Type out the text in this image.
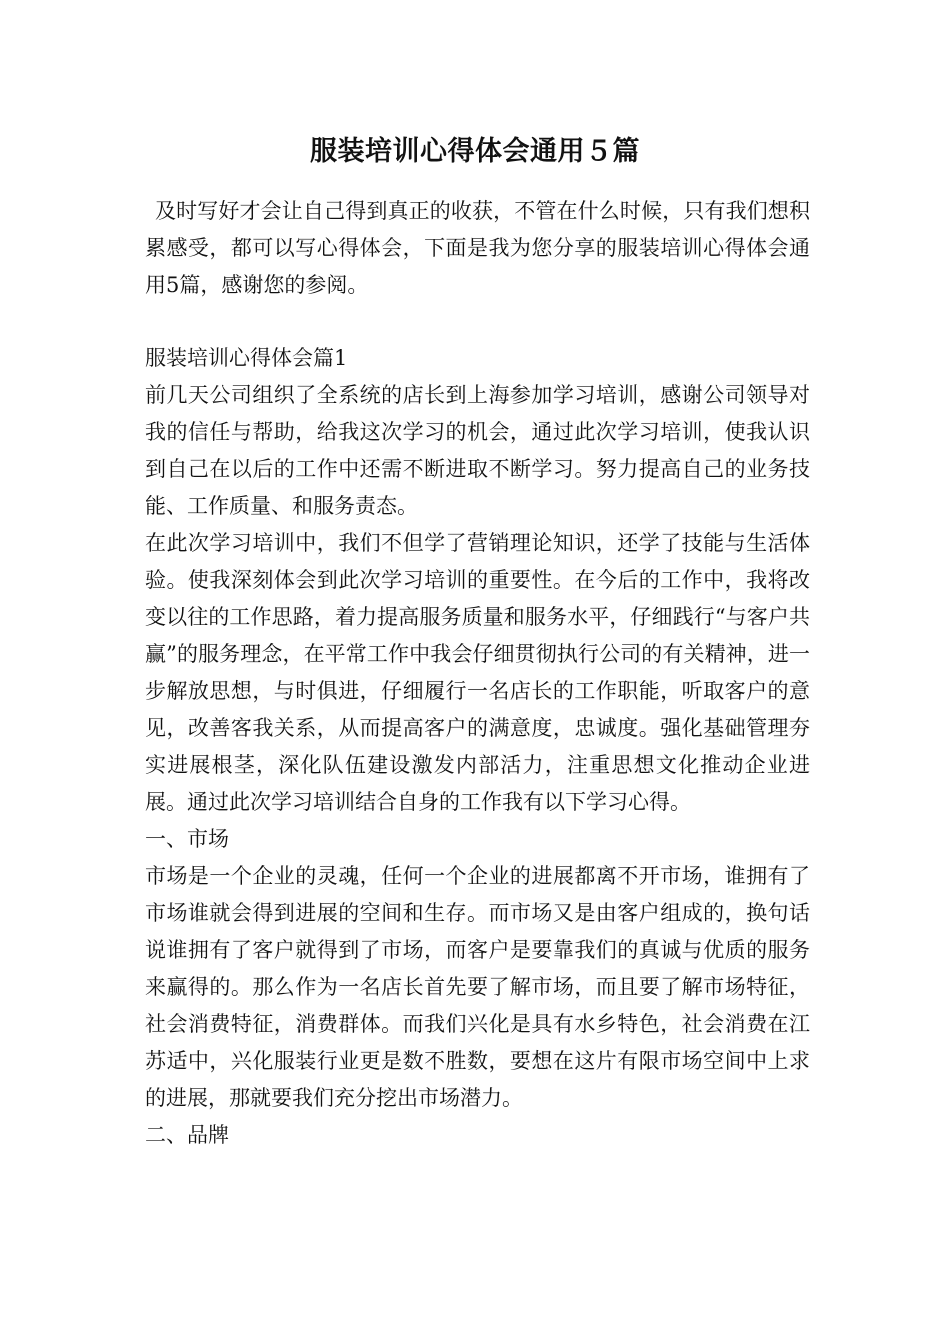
服装培训心得体会通用５篇
及时写好才会让自己得到真正的收获，不管在什么时候，只有我们想积累感受，都可以写心得体会，下面是我为您分享的服装培训心得体会通用5篇，感谢您的参阅。

服装培训心得体会篇1

前几天公司组织了全系统的店长到上海参加学习培训，感谢公司领导对我的信任与帮助，给我这次学习的机会，通过此次学习培训，使我认识到自己在以后的工作中还需不断进取不断学习。努力提高自己的业务技能、工作质量、和服务责态。

在此次学习培训中，我们不但学了营销理论知识，还学了技能与生活体验。使我深刻体会到此次学习培训的重要性。在今后的工作中，我将改变以往的工作思路，着力提高服务质量和服务水平，仔细践行“与客户共赢”的服务理念，在平常工作中我会仔细贯彻执行公司的有关精神，进一步解放思想，与时俱进，仔细履行一名店长的工作职能，听取客户的意见，改善客我关系，从而提高客户的满意度，忠诚度。强化基础管理夯实进展根茎，深化队伍建设激发内部活力，注重思想文化推动企业进展。通过此次学习培训结合自身的工作我有以下学习心得。

一、市场

市场是一个企业的灵魂，任何一个企业的进展都离不开市场，谁拥有了市场谁就会得到进展的空间和生存。而市场又是由客户组成的，换句话说谁拥有了客户就得到了市场，而客户是要靠我们的真诚与优质的服务来赢得的。那么作为一名店长首先要了解市场，而且要了解市场特征，社会消费特征，消费群体。而我们兴化是具有水乡特色，社会消费在江苏适中，兴化服装行业更是数不胜数，要想在这片有限市场空间中上求的进展，那就要我们充分挖出市场潜力。

二、品牌
